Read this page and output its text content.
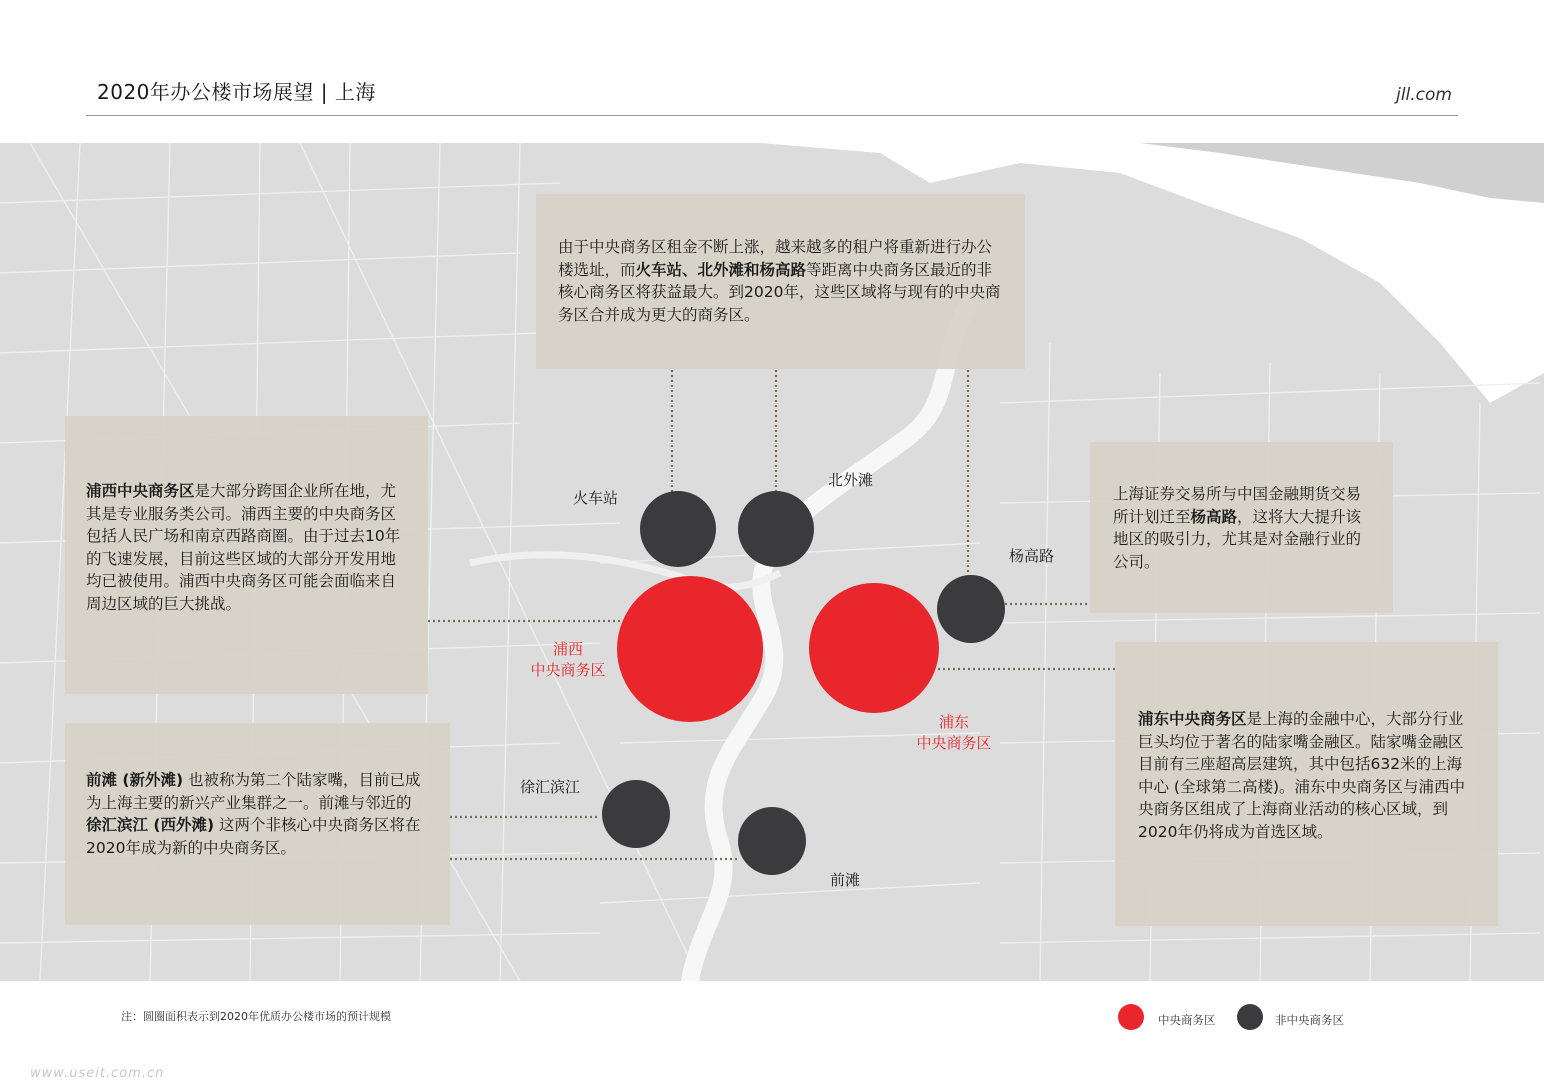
2020年办公楼市场展望 | 上海	jll.com

由于中央商务区租金不断上涨，越来越多的租户将重新进行办公楼选址，而火车站、北外滩和杨高路等距离中央商务区最近的非核心商务区将获益最大。到2020年，这些区域将与现有的中央商务区合并成为更大的商务区。

浦西中央商务区是大部分跨国企业所在地，尤其是专业服务类公司。浦西主要的中央商务区包括人民广场和南京西路商圈。由于过去10年的飞速发展，目前这些区域的大部分开发用地均已被使用。浦西中央商务区可能会面临来自周边区域的巨大挑战。

前滩 (新外滩) 也被称为第二个陆家嘴，目前已成为上海主要的新兴产业集群之一。前滩与邻近的徐汇滨江 (西外滩) 这两个非核心中央商务区将在2020年成为新的中央商务区。

上海证券交易所与中国金融期货交易所计划迁至杨高路，这将大大提升该地区的吸引力，尤其是对金融行业的公司。

浦东中央商务区是上海的金融中心，大部分行业巨头均位于著名的陆家嘴金融区。陆家嘴金融区目前有三座超高层建筑，其中包括632米的上海中心 (全球第二高楼)。浦东中央商务区与浦西中央商务区组成了上海商业活动的核心区域，到2020年仍将成为首选区域。

火车站
北外滩
杨高路
浦西
中央商务区
浦东
中央商务区
徐汇滨江
前滩
注：圆圈面积表示到2020年优质办公楼市场的预计规模	中央商务区	非中央商务区
www.useit.com.cn
